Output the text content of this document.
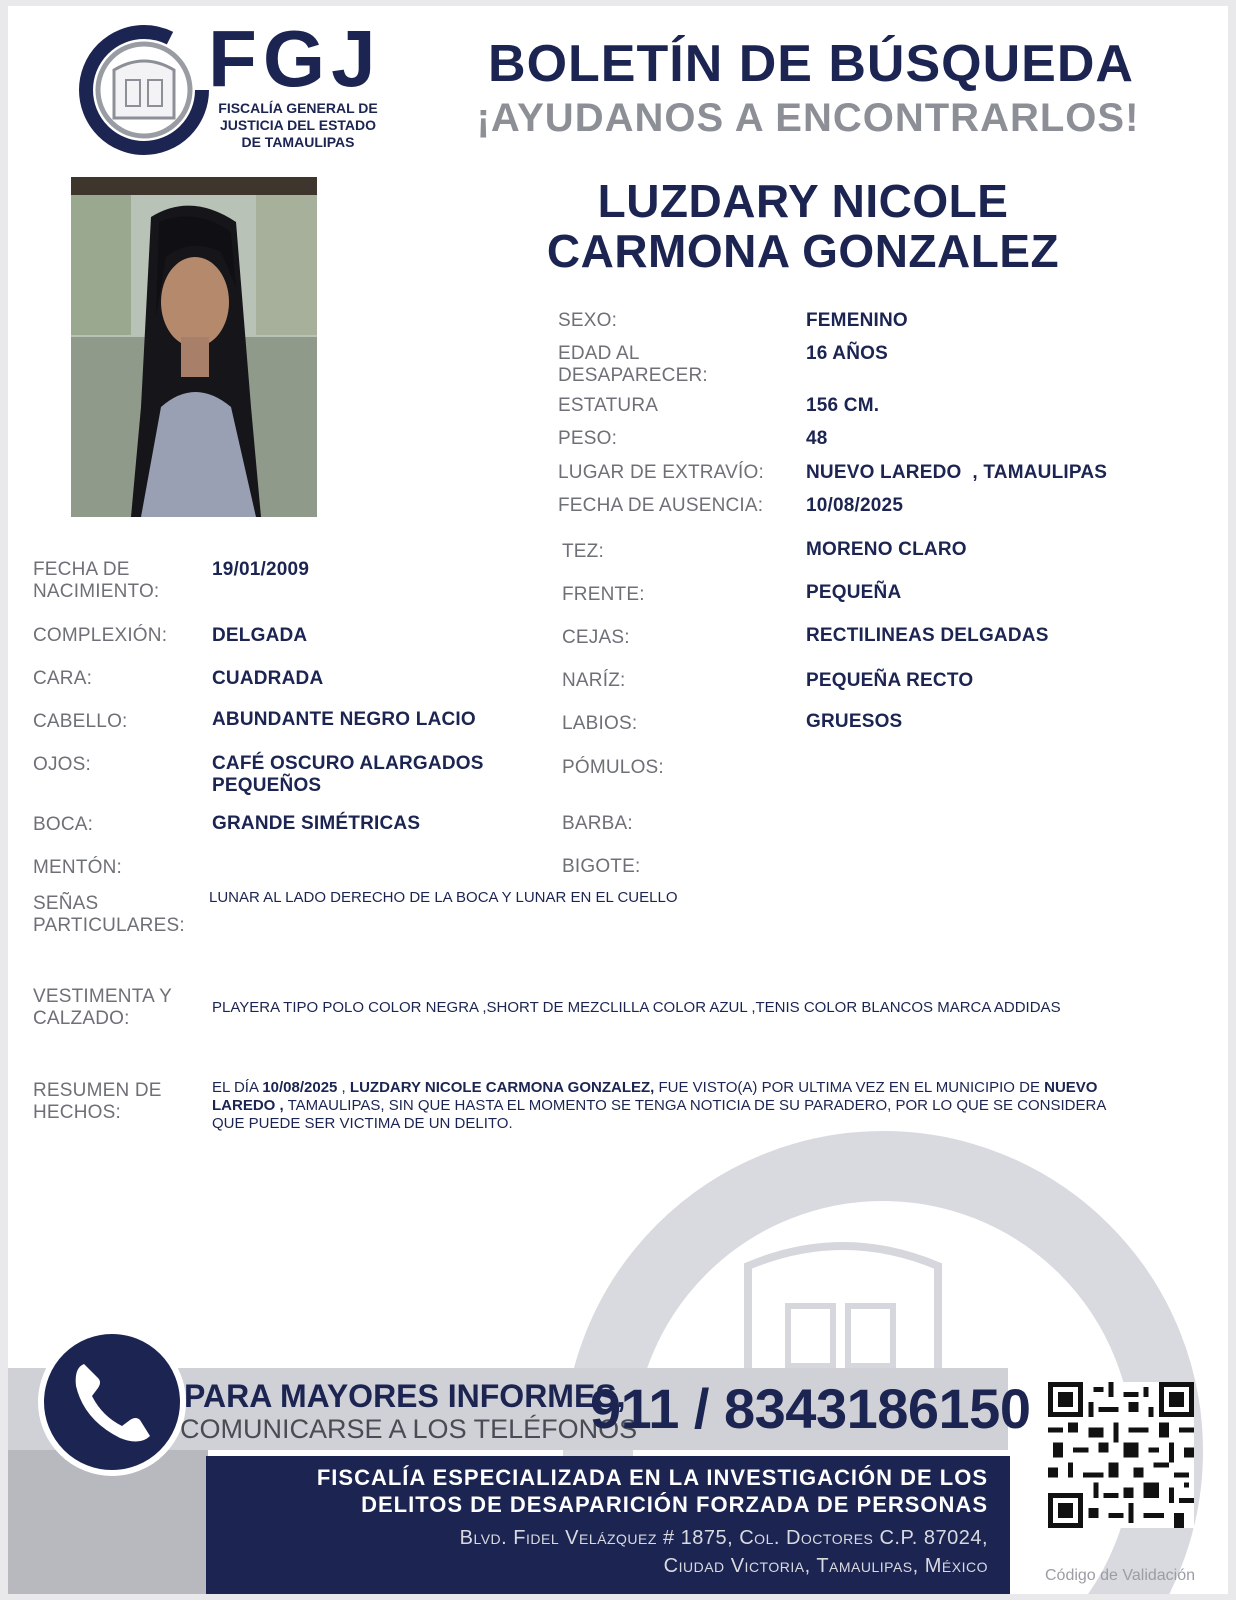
FGJ
FISCALÍA GENERAL DE
JUSTICIA DEL ESTADO
DE TAMAULIPAS
BOLETÍN DE BÚSQUEDA
¡AYUDANOS A ENCONTRARLOS!
LUZDARY NICOLE
CARMONA GONZALEZ
SEXO:	FEMENINO
EDAD AL DESAPARECER:
16 AÑOS
ESTATURA	156 CM.
PESO:	48
LUGAR DE EXTRAVÍO: NUEVO LAREDO  , TAMAULIPAS
FECHA DE AUSENCIA: 10/08/2025
FECHA DE NACIMIENTO:
19/01/2009
COMPLEXIÓN: DELGADA
CARA:	CUADRADA
CABELLO:	ABUNDANTE NEGRO LACIO
OJOS:	CAFÉ OSCURO ALARGADOS PEQUEÑOS
BOCA:	GRANDE SIMÉTRICAS
MENTÓN:
TEZ:	MORENO CLARO
FRENTE:	PEQUEÑA
CEJAS:	RECTILINEAS DELGADAS
NARÍZ:	PEQUEÑA RECTO
LABIOS:	GRUESOS
PÓMULOS:
BARBA:
BIGOTE:
SEÑAS PARTICULARES:
LUNAR AL LADO DERECHO DE LA BOCA Y LUNAR EN EL CUELLO
VESTIMENTA Y CALZADO:
PLAYERA TIPO POLO COLOR NEGRA ,SHORT DE MEZCLILLA COLOR AZUL ,TENIS COLOR BLANCOS MARCA ADDIDAS
RESUMEN DE HECHOS:
EL DÍA 10/08/2025 , LUZDARY NICOLE CARMONA GONZALEZ, FUE VISTO(A) POR ULTIMA VEZ EN EL MUNICIPIO DE NUEVO LAREDO , TAMAULIPAS, SIN QUE HASTA EL MOMENTO SE TENGA NOTICIA DE SU PARADERO, POR LO QUE SE CONSIDERA QUE PUEDE SER VICTIMA DE UN DELITO.
PARA MAYORES INFORMES,
COMUNICARSE A LOS TELÉFONOS
911 / 8343186150
FISCALÍA ESPECIALIZADA EN LA INVESTIGACIÓN DE LOS
DELITOS DE DESAPARICIÓN FORZADA DE PERSONAS
Blvd. Fidel Velázquez # 1875, Col. Doctores C.P. 87024,
Ciudad Victoria, Tamaulipas, México	Código de Validación
